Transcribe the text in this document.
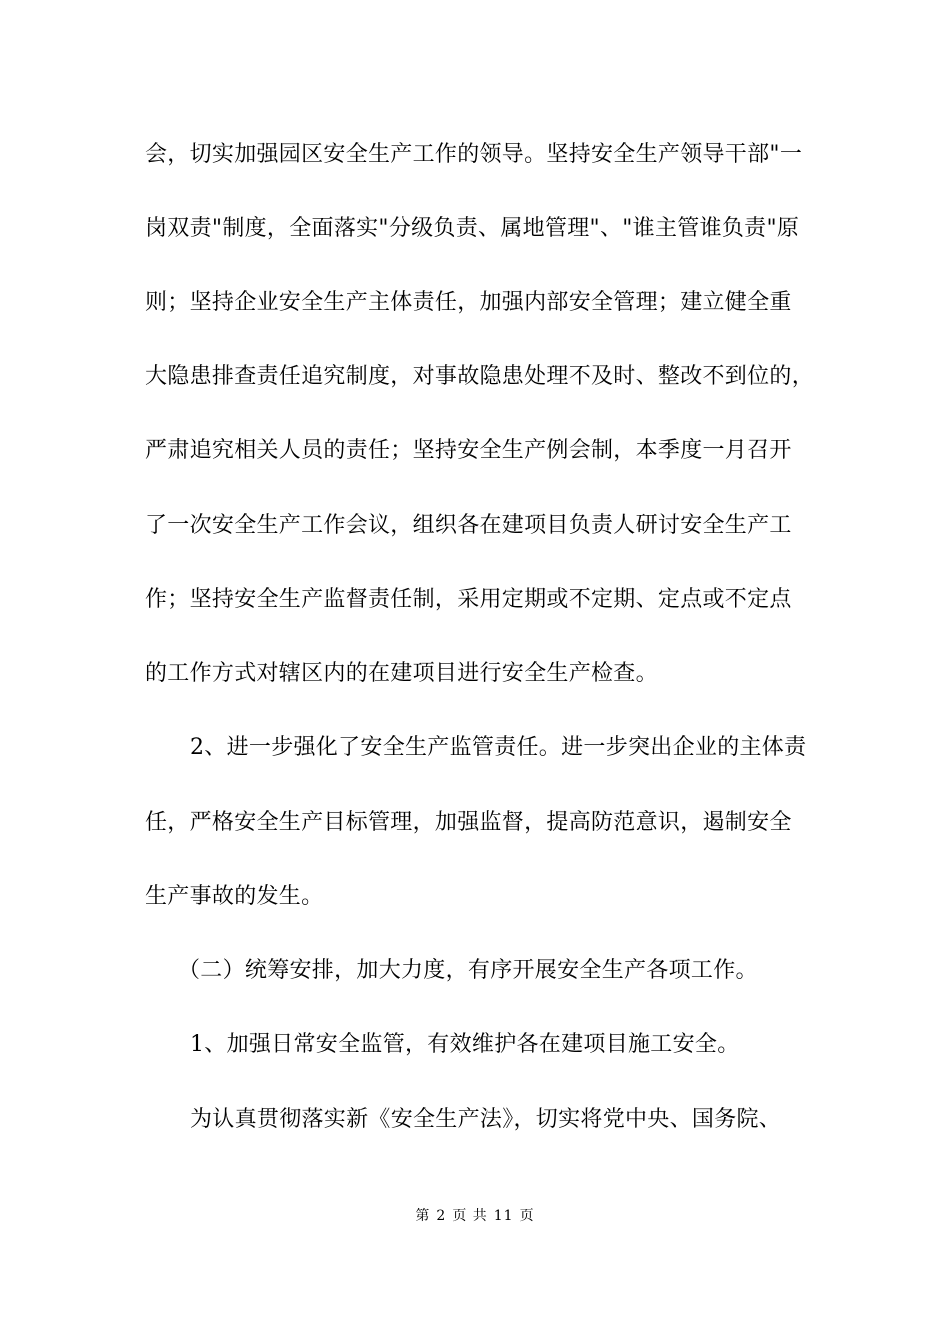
会，切实加强园区安全生产工作的领导。坚持安全生产领导干部"一
岗双责"制度，全面落实"分级负责、属地管理"、"谁主管谁负责"原
则；坚持企业安全生产主体责任，加强内部安全管理；建立健全重
大隐患排查责任追究制度，对事故隐患处理不及时、整改不到位的，
严肃追究相关人员的责任；坚持安全生产例会制，本季度一月召开
了一次安全生产工作会议，组织各在建项目负责人研讨安全生产工
作；坚持安全生产监督责任制，采用定期或不定期、定点或不定点
的工作方式对辖区内的在建项目进行安全生产检查。
2、进一步强化了安全生产监管责任。进一步突出企业的主体责
任，严格安全生产目标管理，加强监督，提高防范意识，遏制安全
生产事故的发生。
（二）统筹安排，加大力度，有序开展安全生产各项工作。
1、加强日常安全监管，有效维护各在建项目施工安全。
为认真贯彻落实新《安全生产法》，切实将党中央、国务院、
第 2 页 共 11 页
